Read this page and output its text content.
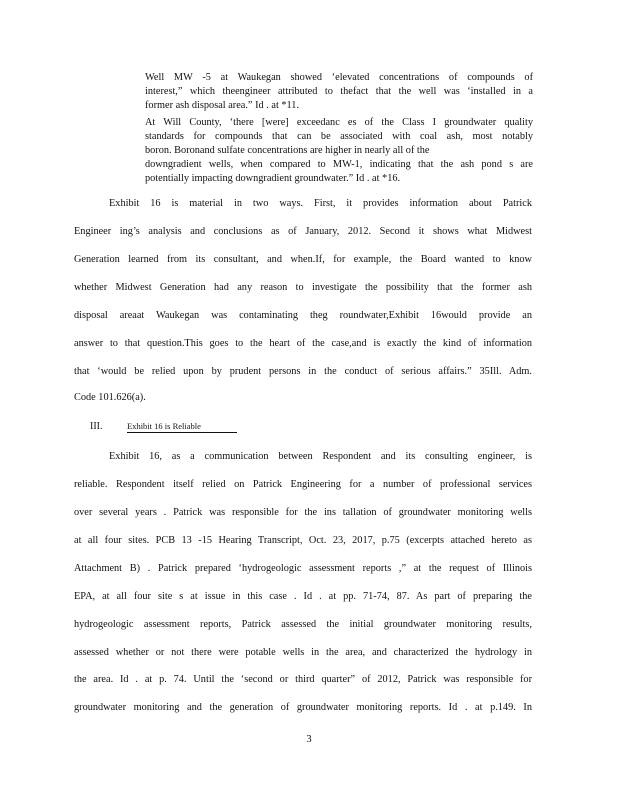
Well MW -5 at Waukegan showed ‘elevated concentrations of compounds of
interest,” which theengineer attributed to thefact that the well was ‘installed in a
former ash disposal area.” Id . at *11.
At Will County, ‘there [were] exceedanc es of the Class I groundwater quality
standards for compounds that can be associated with coal ash, most notably
boron. Boronand sulfate concentrations are higher in nearly all of the
downgradient wells, when compared to MW-1, indicating that the ash pond s are
potentially impacting downgradient groundwater.” Id . at *16.
Exhibit 16 is material in two ways. First, it provides information about Patrick
Engineer ing’s analysis and conclusions as of January, 2012. Second it shows what Midwest
Generation learned from its consultant, and when.If, for example, the Board wanted to know
whether Midwest Generation had any reason to investigate the possibility that the former ash
disposal areaat Waukegan was contaminating theg roundwater,Exhibit 16would provide an
answer to that question.This goes to the heart of the case,and is exactly the kind of information
that ‘would be relied upon by prudent persons in the conduct of serious affairs.” 35Ill. Adm.
Code 101.626(a).
III.	Exhibit 16 is Reliable
Exhibit 16, as a communication between Respondent and its consulting engineer, is
reliable. Respondent itself relied on Patrick Engineering for a number of professional services
over several years . Patrick was responsible for the ins tallation of groundwater monitoring wells
at all four sites. PCB 13 -15 Hearing Transcript, Oct. 23, 2017, p.75 (excerpts attached hereto as
Attachment B) . Patrick prepared ‘hydrogeologic assessment reports ,” at the request of Illinois
EPA, at all four site s at issue in this case . Id . at pp. 71-74, 87. As part of preparing the
hydrogeologic assessment reports, Patrick assessed the initial groundwater monitoring results,
assessed whether or not there were potable wells in the area, and characterized the hydrology in
the area. Id . at p. 74. Until the ‘second or third quarter” of 2012, Patrick was responsible for
groundwater monitoring and the generation of groundwater monitoring reports. Id . at p.149. In
3
